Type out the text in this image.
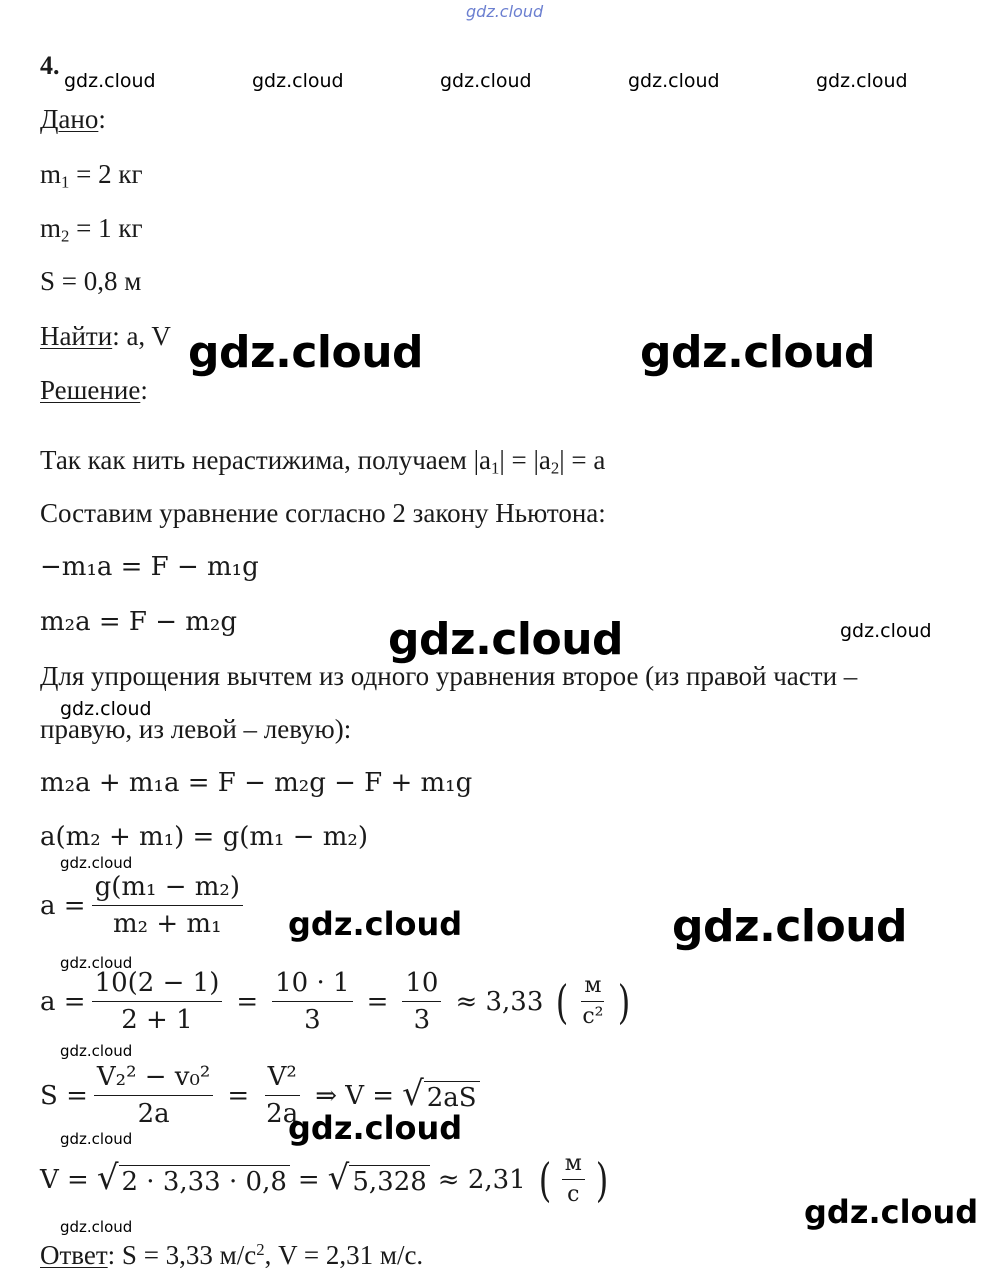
gdz.cloud
4.
gdz.cloud	gdz.cloud	gdz.cloud	gdz.cloud	gdz.cloud
Дано:
$m_1 = 2$ кг
$m_2 = 1$ кг
S = 0,8 м
Найти: a, V gdz.cloud	gdz.cloud
Решение:
Так как нить нерастижима, получаем $|a_1| = |a_2| = a$
Составим уравнение согласно 2 закону Ньютона:
−m₁a = F − m₁g
m₂a = F − m₂g	gdz.cloud	gdz.cloud
Для упрощения вычтем из одного уравнения второе (из правой части –
gdz.cloud
правую, из левой – левую):
m₂a + m₁a = F − m₂g − F + m₁g
a(m₂ + m₁) = g(m₁ − m₂)
gdz.cloud
$a = \frac{\text{g(m₁ − m₂)}}{\text{m₂ + m₁}}$ gdz.cloud	gdz.cloud
gdz.cloud
$a = \frac{10(2 - 1)}{2 + 1} = \frac{10 \cdot 1}{3} = \frac{10}{3} \approx 3,33$ ( $\frac{м}{\text{с²}}$ )
gdz.cloud
$S = \frac{\text{V₂² − v₀²}}{2a} = \frac{\text{V²}}{2a}$ ⇒ V = √ 2aS
gdz.cloud
gdz.cloud
V = √ 2 · 3,33 · 0,8 = √ 5,328 ≈ 2,31 ( $\frac{м}{с}$ )
gdz.cloud
gdz.cloud
Ответ: S = 3,33 $м/с^2$, V = 2,31 м/с.
